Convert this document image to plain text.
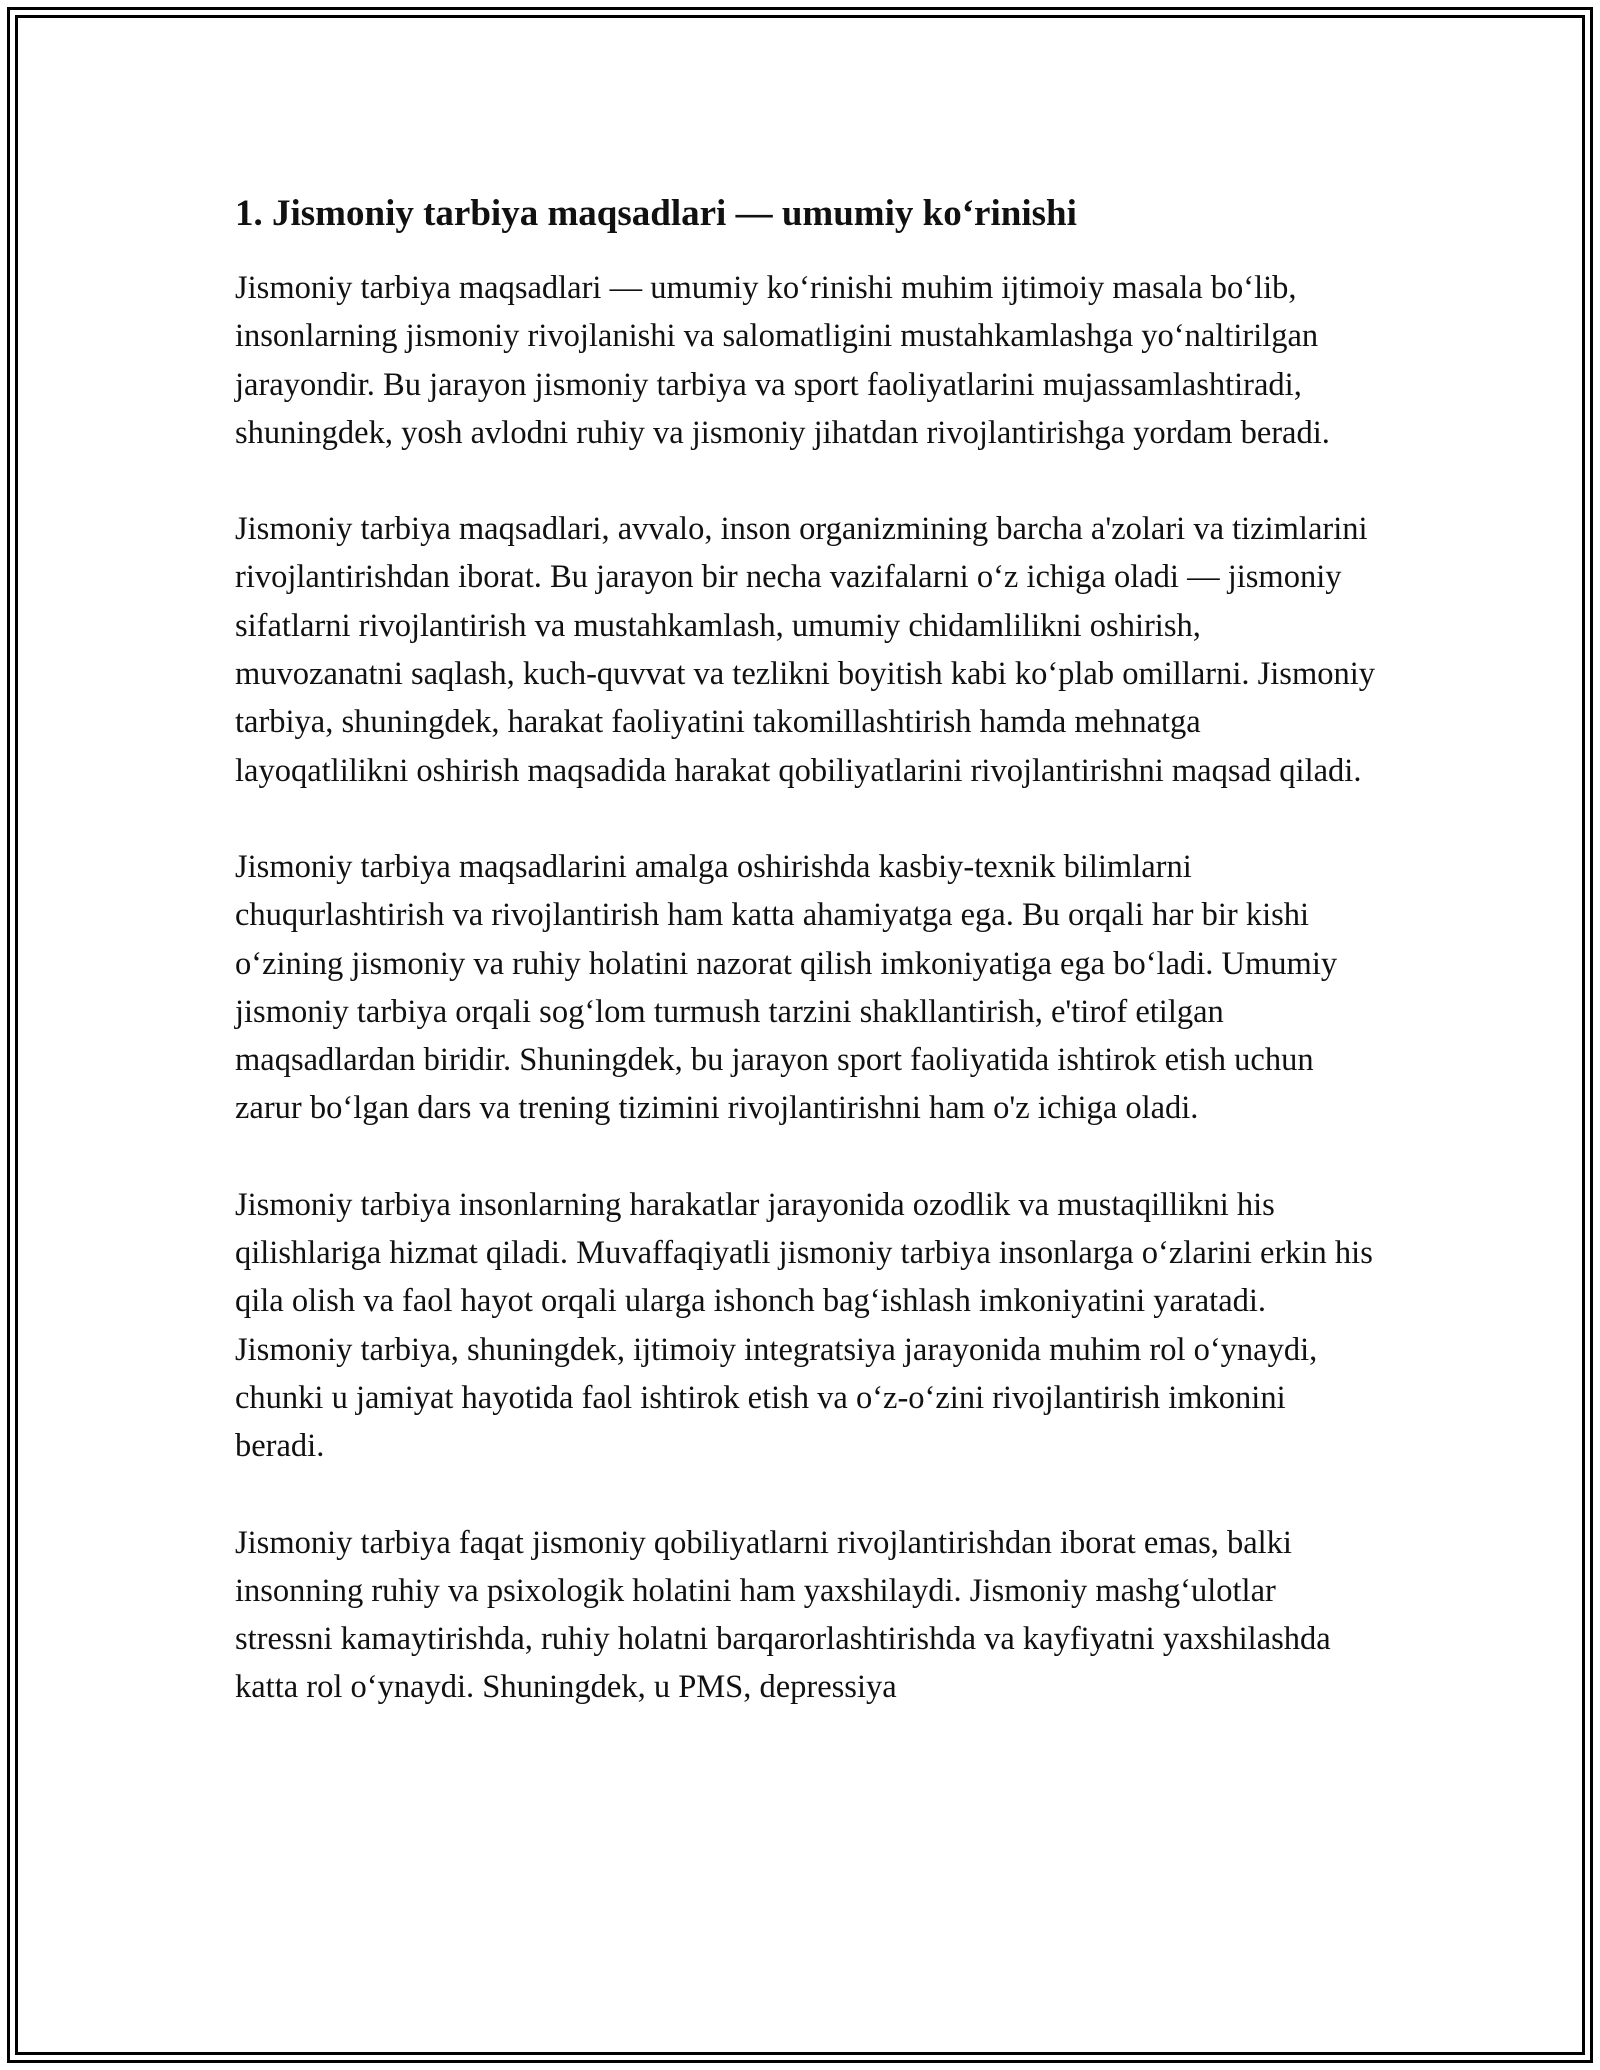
1. Jismoniy tarbiya maqsadlari — umumiy ko‘rinishi

Jismoniy tarbiya maqsadlari — umumiy ko‘rinishi muhim ijtimoiy masala bo‘lib, insonlarning jismoniy rivojlanishi va salomatligini mustahkamlashga yo‘naltirilgan jarayondir. Bu jarayon jismoniy tarbiya va sport faoliyatlarini mujassamlashtiradi, shuningdek, yosh avlodni ruhiy va jismoniy jihatdan rivojlantirishga yordam beradi.

Jismoniy tarbiya maqsadlari, avvalo, inson organizmining barcha a'zolari va tizimlarini rivojlantirishdan iborat. Bu jarayon bir necha vazifalarni o‘z ichiga oladi — jismoniy sifatlarni rivojlantirish va mustahkamlash, umumiy chidamlilikni oshirish, muvozanatni saqlash, kuch-quvvat va tezlikni boyitish kabi ko‘plab omillarni. Jismoniy tarbiya, shuningdek, harakat faoliyatini takomillashtirish hamda mehnatga layoqatlilikni oshirish maqsadida harakat qobiliyatlarini rivojlantirishni maqsad qiladi.

Jismoniy tarbiya maqsadlarini amalga oshirishda kasbiy-texnik bilimlarni chuqurlashtirish va rivojlantirish ham katta ahamiyatga ega. Bu orqali har bir kishi o‘zining jismoniy va ruhiy holatini nazorat qilish imkoniyatiga ega bo‘ladi. Umumiy jismoniy tarbiya orqali sog‘lom turmush tarzini shakllantirish, e'tirof etilgan maqsadlardan biridir. Shuningdek, bu jarayon sport faoliyatida ishtirok etish uchun zarur bo‘lgan dars va trening tizimini rivojlantirishni ham o'z ichiga oladi.

Jismoniy tarbiya insonlarning harakatlar jarayonida ozodlik va mustaqillikni his qilishlariga hizmat qiladi. Muvaffaqiyatli jismoniy tarbiya insonlarga o‘zlarini erkin his qila olish va faol hayot orqali ularga ishonch bag‘ishlash imkoniyatini yaratadi. Jismoniy tarbiya, shuningdek, ijtimoiy integratsiya jarayonida muhim rol o‘ynaydi, chunki u jamiyat hayotida faol ishtirok etish va o‘z-o‘zini rivojlantirish imkonini beradi.

Jismoniy tarbiya faqat jismoniy qobiliyatlarni rivojlantirishdan iborat emas, balki insonning ruhiy va psixologik holatini ham yaxshilaydi. Jismoniy mashg‘ulotlar stressni kamaytirishda, ruhiy holatni barqarorlashtirishda va kayfiyatni yaxshilashda katta rol o‘ynaydi. Shuningdek, u PMS, depressiya
